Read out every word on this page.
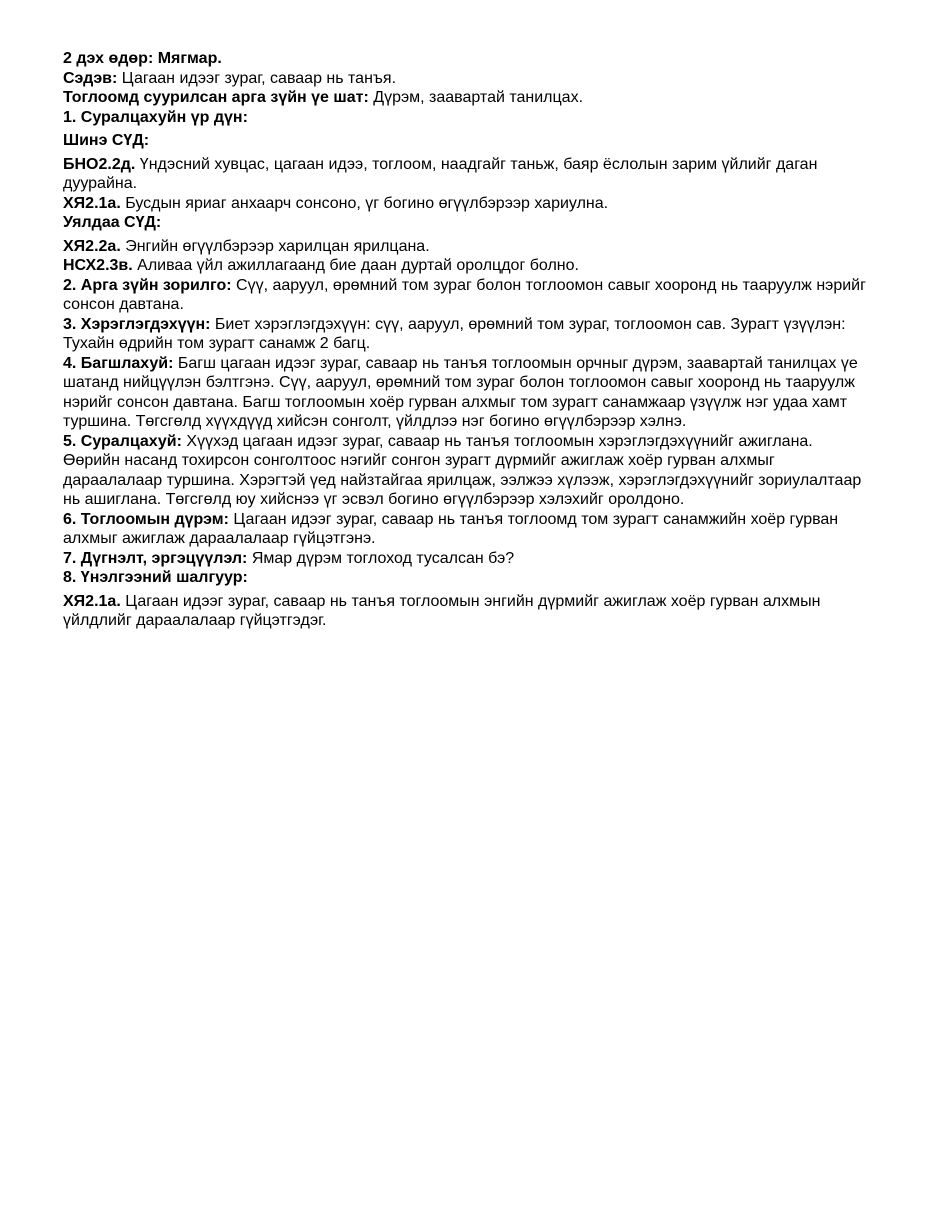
2 дэх өдөр: Мягмар.

Сэдэв: Цагаан идээг зураг, саваар нь танъя.

Тоглоомд суурилсан арга зүйн үе шат: Дүрэм, заавартай танилцах.

1. Суралцахуйн үр дүн:

Шинэ СҮД:

БНО2.2д. Үндэсний хувцас, цагаан идээ, тоглоом, наадгайг таньж, баяр ёслолын зарим үйлийг даган дуурайна.

ХЯ2.1а. Бусдын яриаг анхаарч сонсоно, үг богино өгүүлбэрээр хариулна.

Уялдаа СҮД:

ХЯ2.2а. Энгийн өгүүлбэрээр харилцан ярилцана.

НСХ2.3в. Аливаа үйл ажиллагаанд бие даан дуртай оролцдог болно.

2. Арга зүйн зорилго: Сүү, ааруул, өрөмний том зураг болон тоглоомон савыг хооронд нь тааруулж нэрийг сонсон давтана.

3. Хэрэглэгдэхүүн: Биет хэрэглэгдэхүүн: сүү, ааруул, өрөмний том зураг, тоглоомон сав. Зурагт үзүүлэн: Тухайн өдрийн том зурагт санамж 2 багц.

4. Багшлахуй: Багш цагаан идээг зураг, саваар нь танъя тоглоомын орчныг дүрэм, заавартай танилцах үе шатанд нийцүүлэн бэлтгэнэ. Сүү, ааруул, өрөмний том зураг болон тоглоомон савыг хооронд нь тааруулж нэрийг сонсон давтана. Багш тоглоомын хоёр гурван алхмыг том зурагт санамжаар үзүүлж нэг удаа хамт туршина. Төгсгөлд хүүхдүүд хийсэн сонголт, үйлдлээ нэг богино өгүүлбэрээр хэлнэ.

5. Суралцахуй: Хүүхэд цагаан идээг зураг, саваар нь танъя тоглоомын хэрэглэгдэхүүнийг ажиглана. Өөрийн насанд тохирсон сонголтоос нэгийг сонгон зурагт дүрмийг ажиглаж хоёр гурван алхмыг дараалалаар туршина. Хэрэгтэй үед найзтайгаа ярилцаж, ээлжээ хүлээж, хэрэглэгдэхүүнийг зориулалтаар нь ашиглана. Төгсгөлд юу хийснээ үг эсвэл богино өгүүлбэрээр хэлэхийг оролдоно.

6. Тоглоомын дүрэм: Цагаан идээг зураг, саваар нь танъя тоглоомд том зурагт санамжийн хоёр гурван алхмыг ажиглаж дараалалаар гүйцэтгэнэ.

7. Дүгнэлт, эргэцүүлэл: Ямар дүрэм тоглоход тусалсан бэ?

8. Үнэлгээний шалгуур:

ХЯ2.1а. Цагаан идээг зураг, саваар нь танъя тоглоомын энгийн дүрмийг ажиглаж хоёр гурван алхмын үйлдлийг дараалалаар гүйцэтгэдэг.
